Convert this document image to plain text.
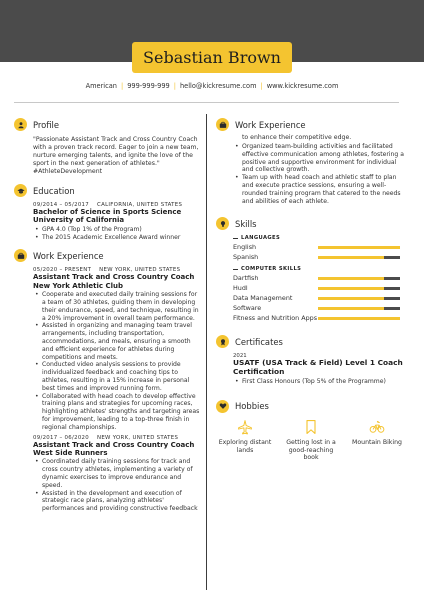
Sebastian Brown
American | 999-999-999 | hello@kickresume.com | www.kickresume.com
Profile

"Passionate Assistant Track and Cross Country Coach with a proven track record. Eager to join a new team, nurture emerging talents, and ignite the love of the sport in the next generation of athletes." #AthleteDevelopment

Education
09/2014 – 05/2017 CALIFORNIA, UNITED STATES
Bachelor of Science in Sports Science
University of California
• GPA 4.0 (Top 1% of the Program)
• The 2015 Academic Excellence Award winner
Work Experience
05/2020 – PRESENT NEW YORK, UNITED STATES
Assistant Track and Cross Country Coach
New York Athletic Club
• Cooperate and executed daily training sessions for a team of 30 athletes, guiding them in developing their endurance, speed, and technique, resulting in a 20% improvement in overall team performance.
• Assisted in organizing and managing team travel arrangements, including transportation, accommodations, and meals, ensuring a smooth and efficient experience for athletes during competitions and meets.
• Conducted video analysis sessions to provide individualized feedback and coaching tips to athletes, resulting in a 15% increase in personal best times and improved running form.
• Collaborated with head coach to develop effective training plans and strategies for upcoming races, highlighting athletes' strengths and targeting areas for improvement, leading to a top-three finish in regional championships.
09/2017 – 06/2020 NEW YORK, UNITED STATES
Assistant Track and Cross Country Coach
West Side Runners
• Coordinated daily training sessions for track and cross country athletes, implementing a variety of dynamic exercises to improve endurance and speed.
• Assisted in the development and execution of strategic race plans, analyzing athletes' performances and providing constructive feedback
Work Experience

to enhance their competitive edge.

• Organized team-building activities and facilitated effective communication among athletes, fostering a positive and supportive environment for individual and collective growth.
• Team up with head coach and athletic staff to plan and execute practice sessions, ensuring a well-rounded training program that catered to the needs and abilities of each athlete.
Skills
LANGUAGES
English
Spanish
COMPUTER SKILLS
Dartfish
Hudl
Data Management
Software
Fitness and Nutrition Apps
Certificates
2021
USATF (USA Track & Field) Level 1 Coach Certification
• First Class Honours (Top 5% of the Programme)
Hobbies
Exploring distant lands
Getting lost in a good-reaching book
Mountain Biking
